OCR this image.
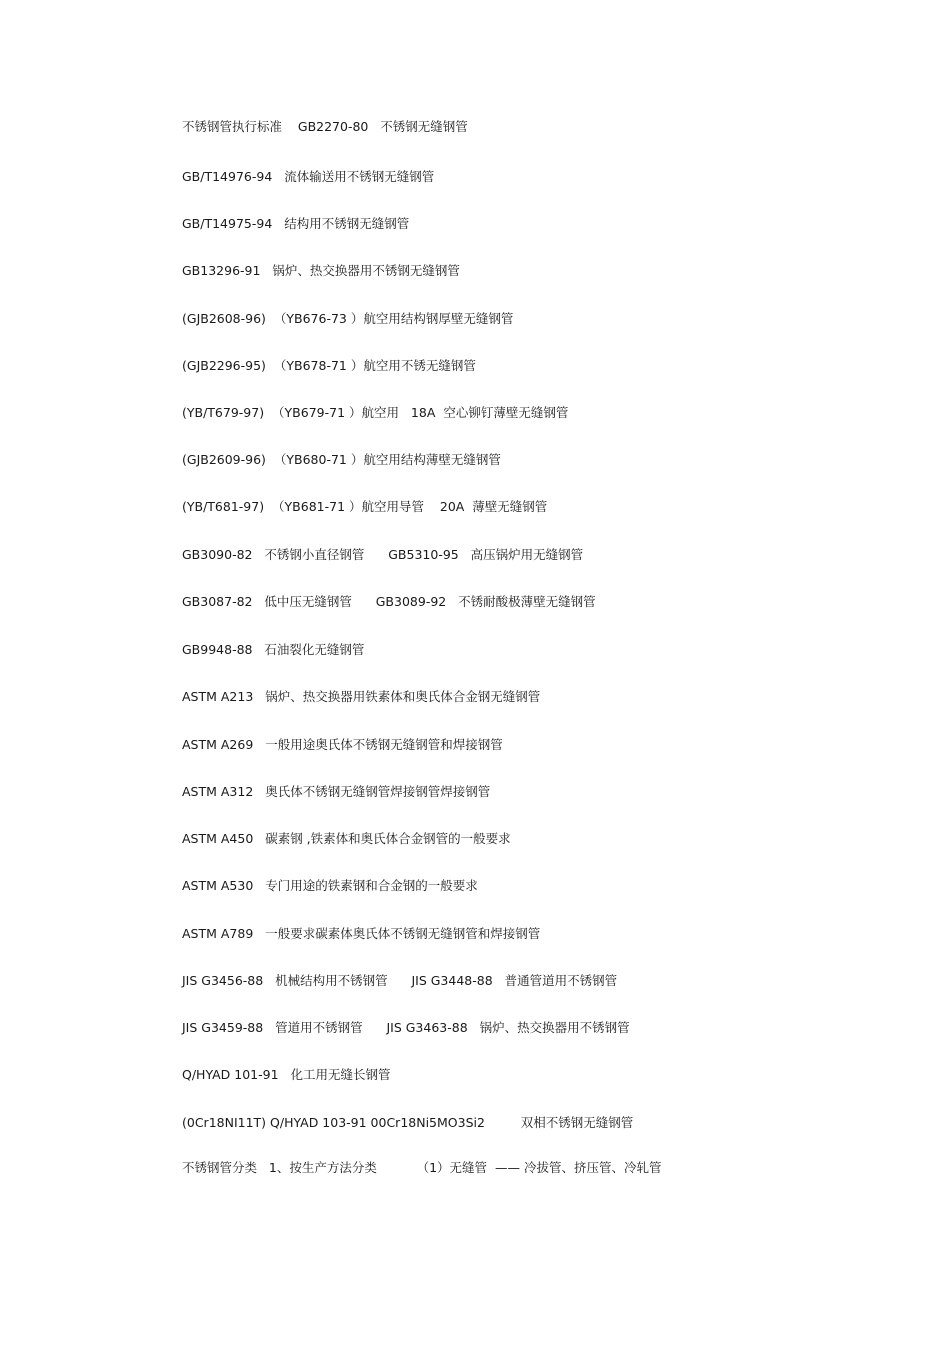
不锈钢管执行标准    GB2270-80   不锈钢无缝钢管
GB/T14976-94   流体输送用不锈钢无缝钢管
GB/T14975-94   结构用不锈钢无缝钢管
GB13296-91   锅炉、热交换器用不锈钢无缝钢管
(GJB2608-96)  （YB676-73 ）航空用结构钢厚壁无缝钢管
(GJB2296-95)  （YB678-71 ）航空用不锈无缝钢管
(YB/T679-97)  （YB679-71 ）航空用   18A  空心铆钉薄壁无缝钢管
(GJB2609-96)  （YB680-71 ）航空用结构薄壁无缝钢管
(YB/T681-97)  （YB681-71 ）航空用导管    20A  薄壁无缝钢管
GB3090-82   不锈钢小直径钢管      GB5310-95   高压锅炉用无缝钢管
GB3087-82   低中压无缝钢管      GB3089-92   不锈耐酸极薄壁无缝钢管
GB9948-88   石油裂化无缝钢管
ASTM A213   锅炉、热交换器用铁素体和奥氏体合金钢无缝钢管
ASTM A269   一般用途奥氏体不锈钢无缝钢管和焊接钢管
ASTM A312   奥氏体不锈钢无缝钢管焊接钢管焊接钢管
ASTM A450   碳素钢 ,铁素体和奥氏体合金钢管的一般要求
ASTM A530   专门用途的铁素钢和合金钢的一般要求
ASTM A789   一般要求碳素体奥氏体不锈钢无缝钢管和焊接钢管
JIS G3456-88   机械结构用不锈钢管      JIS G3448-88   普通管道用不锈钢管
JIS G3459-88   管道用不锈钢管      JIS G3463-88   锅炉、热交换器用不锈钢管
Q/HYAD 101-91   化工用无缝长钢管
(0Cr18NI11T) Q/HYAD 103-91 00Cr18Ni5MO3Si2         双相不锈钢无缝钢管
不锈钢管分类   1、按生产方法分类          （1）无缝管  —— 冷拔管、挤压管、冷轧管
